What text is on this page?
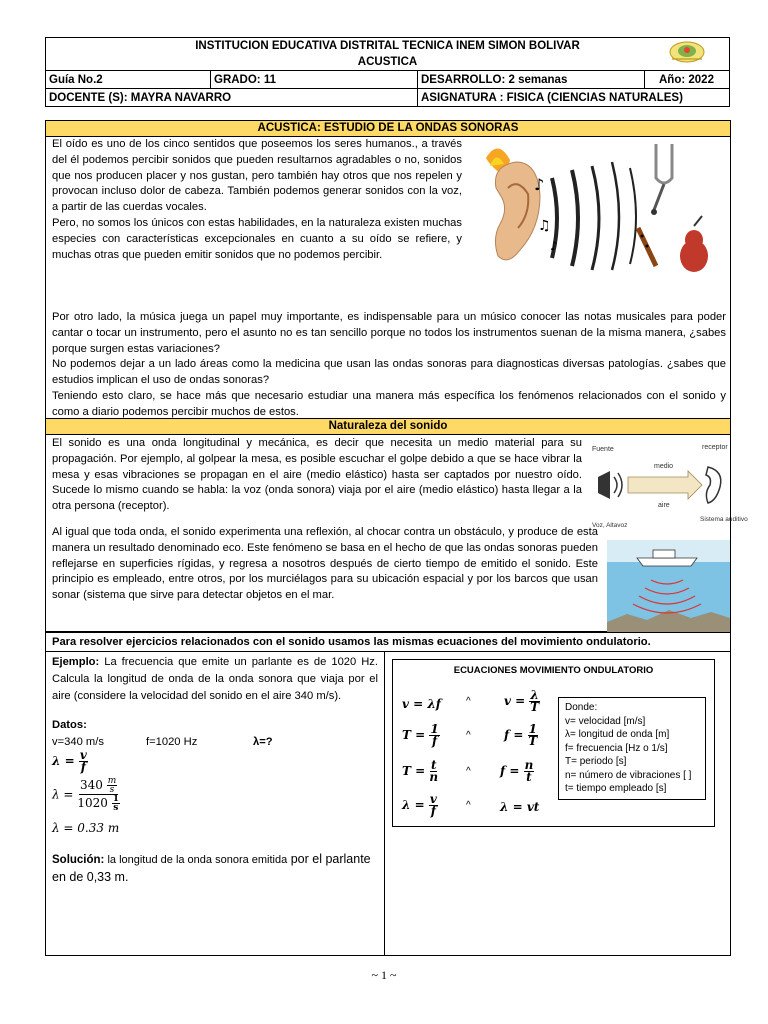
INSTITUCION EDUCATIVA DISTRITAL TECNICA INEM SIMON BOLIVAR			
ACUSTICA			
Guía No.2	GRADO: 11	DESARROLLO: 2 semanas	Año: 2022
DOCENTE (S): MAYRA NAVARRO		ASIGNATURA : FISICA (CIENCIAS NATURALES)	
ACUSTICA: ESTUDIO DE LA ONDAS SONORAS

El oído es uno de los cinco sentidos que poseemos los seres humanos., a través del él podemos percibir sonidos que pueden resultarnos agradables o no, sonidos que nos producen placer y nos gustan, pero también hay otros que nos repelen y provocan incluso dolor de cabeza. También podemos generar sonidos con la voz, a partir de las cuerdas vocales.

Pero, no somos los únicos con estas habilidades, en la naturaleza existen muchas especies con características excepcionales en cuanto a su oído se refiere, y muchas otras que pueden emitir sonidos que no podemos percibir.

♪
♫
♪

Por otro lado, la música juega un papel muy importante, es indispensable para un músico conocer las notas musicales para poder cantar o tocar un instrumento, pero el asunto no es tan sencillo porque no todos los instrumentos suenan de la misma manera, ¿sabes porque surgen estas variaciones?

No podemos dejar a un lado áreas como la medicina que usan las ondas sonoras para diagnosticas diversas patologías. ¿sabes que estudios implican el uso de ondas sonoras?

Teniendo esto claro, se hace más que necesario estudiar una manera más específica los fenómenos relacionados con el sonido y como a diario podemos percibir muchos de estos.

Naturaleza del sonido

El sonido es una onda longitudinal y mecánica, es decir que necesita un medio material para su propagación. Por ejemplo, al golpear la mesa, es posible escuchar el golpe debido a que se hace vibrar la mesa y esas vibraciones se propagan en el aire (medio elástico) hasta ser captados por nuestro oído. Sucede lo mismo cuando se habla: la voz (onda sonora) viaja por el aire (medio elástico) hasta llegar a la otra persona (receptor).

Al igual que toda onda, el sonido experimenta una reflexión, al chocar contra un obstáculo, y produce de esta manera un resultado denominado eco. Este fenómeno se basa en el hecho de que las ondas sonoras pueden reflejarse en superficies rígidas, y regresa a nosotros después de cierto tiempo de emitido el sonido. Este principio es empleado, entre otros, por los murciélagos para su ubicación espacial y por los barcos que usan sonar (sistema que sirve para detectar objetos en el mar.

Fuente	receptor
medio
aire
Voz, Altavoz
Sistema auditivo
Para resolver ejercicios relacionados con el sonido usamos las mismas ecuaciones del movimiento ondulatorio.

Ejemplo: La frecuencia que emite un parlante es de 1020 Hz. Calcula la longitud de onda de la onda sonora que viaja por el aire (considere la velocidad del sonido en el aire 340 m/s).

Datos:
v=340 m/s	f=1020 Hz	λ=?
$\lambda = \frac{v}{f}$
$\lambda = \frac{340 \frac{m}{s}}{1020 \frac{1}{s}}$
λ = 0.33 m
Solución: la longitud de la onda sonora emitida por el parlante en de 0,33 m.
ECUACIONES MOVIMIENTO ONDULATORIO
v = λf	^	$v = \frac{\lambda}{T}$
$T = \frac{1}{f}$	^	$f = \frac{1}{T}$
$T = \frac{t}{n}$	^ $f = \frac{n}{t}$
$\lambda = \frac{v}{f}$	^ λ = vt
Donde:
v= velocidad [m/s]
λ= longitud de onda [m]
f= frecuencia [Hz o 1/s]
T= periodo [s]
n= número de vibraciones [ ]
t= tiempo empleado [s]
~ 1 ~
